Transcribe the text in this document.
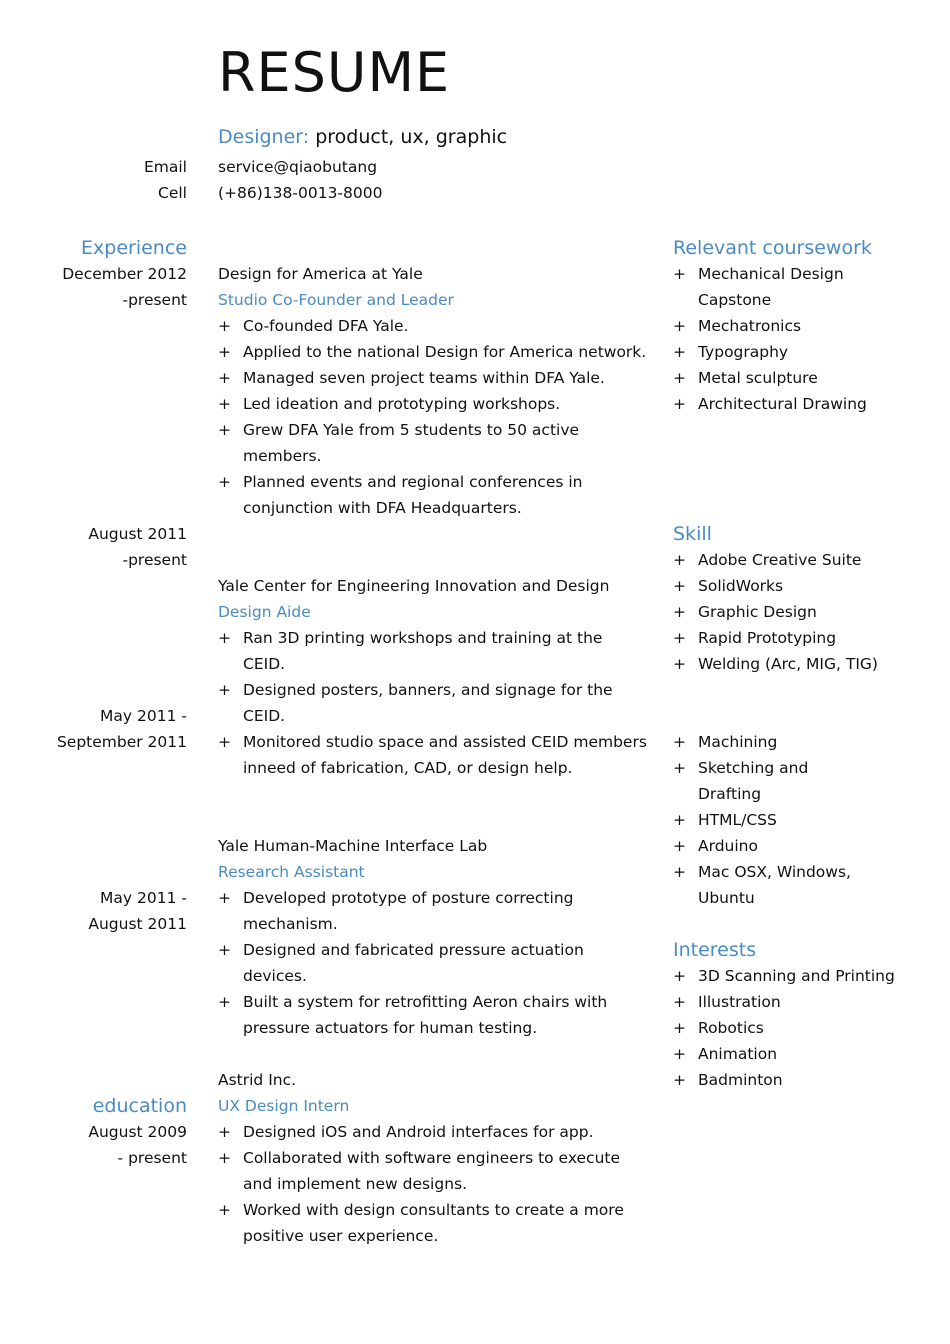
RESUME
Designer: product, ux, graphic
Email service@qiaobutang
Cell (+86)138-0013-8000
Experience
December 2012
-present
August 2011
-present
May 2011 -
September 2011
May 2011 -
August 2011
education
August 2009
- present
Design for America at Yale
Studio Co-Founder and Leader
+ Co-founded DFA Yale.
+ Applied to the national Design for America network.
+ Managed seven project teams within DFA Yale.
+ Led ideation and prototyping workshops.
+ Grew DFA Yale from 5 students to 50 active members.
+ Planned events and regional conferences in conjunction with DFA Headquarters.
Yale Center for Engineering Innovation and Design
Design Aide
+ Ran 3D printing workshops and training at the CEID.
+ Designed posters, banners, and signage for the CEID.
+ Monitored studio space and assisted CEID members inneed of fabrication, CAD, or design help.
Yale Human-Machine Interface Lab
Research Assistant
+ Developed prototype of posture correcting mechanism.
+ Designed and fabricated pressure actuation devices.
+ Built a system for retrofitting Aeron chairs with pressure actuators for human testing.
Astrid Inc.
UX Design Intern
+ Designed iOS and Android interfaces for app.
+ Collaborated with software engineers to execute and implement new designs.
+ Worked with design consultants to create a more positive user experience.
Relevant coursework
+ Mechanical Design Capstone
+ Mechatronics
+ Typography
+ Metal sculpture
+ Architectural Drawing
Skill
+ Adobe Creative Suite
+ SolidWorks
+ Graphic Design
+ Rapid Prototyping
+ Welding (Arc, MIG, TIG)
+ Machining
+ Sketching and Drafting
+ HTML/CSS
+ Arduino
+ Mac OSX, Windows, Ubuntu
Interests
+ 3D Scanning and Printing
+ Illustration
+ Robotics
+ Animation
+ Badminton
